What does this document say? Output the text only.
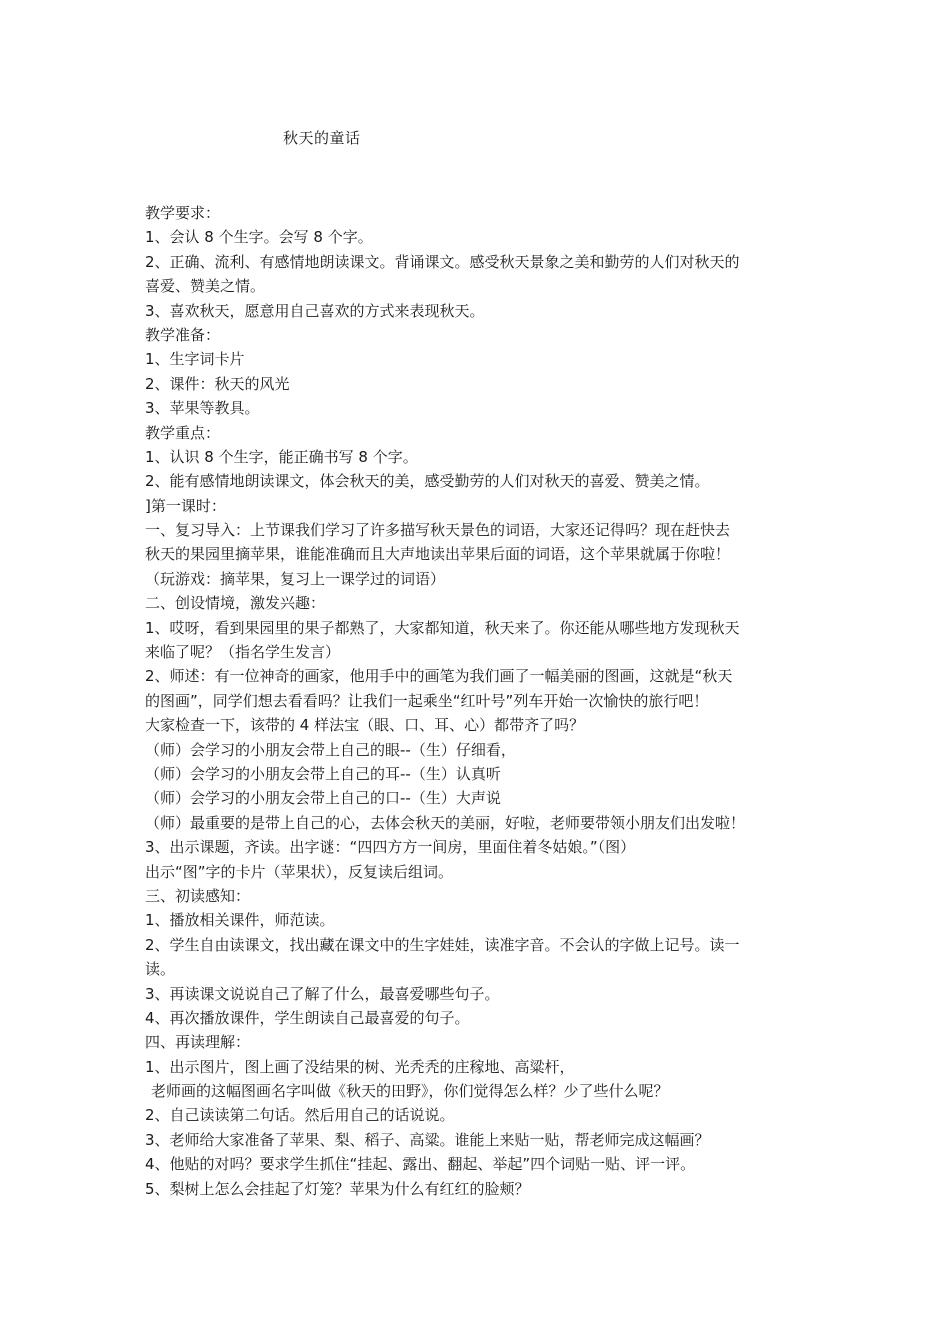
秋天的童话
教学要求：
1、会认 8 个生字。会写 8 个字。
2、正确、流利、有感情地朗读课文。背诵课文。感受秋天景象之美和勤劳的人们对秋天的
喜爱、赞美之情。
3、喜欢秋天，愿意用自己喜欢的方式来表现秋天。
教学准备：
1、生字词卡片
2、课件：秋天的风光
3、苹果等教具。
教学重点：
1、认识 8 个生字，能正确书写 8 个字。
2、能有感情地朗读课文，体会秋天的美，感受勤劳的人们对秋天的喜爱、赞美之情。
]第一课时：
一、复习导入：上节课我们学习了许多描写秋天景色的词语，大家还记得吗？现在赶快去
秋天的果园里摘苹果，谁能准确而且大声地读出苹果后面的词语，这个苹果就属于你啦！
（玩游戏：摘苹果，复习上一课学过的词语）
二、创设情境，激发兴趣：
1、哎呀，看到果园里的果子都熟了，大家都知道，秋天来了。你还能从哪些地方发现秋天
来临了呢？（指名学生发言）
2、师述：有一位神奇的画家，他用手中的画笔为我们画了一幅美丽的图画，这就是“秋天
的图画”，同学们想去看看吗？让我们一起乘坐“红叶号”列车开始一次愉快的旅行吧！
大家检查一下，该带的 4 样法宝（眼、口、耳、心）都带齐了吗？
（师）会学习的小朋友会带上自己的眼--（生）仔细看，
（师）会学习的小朋友会带上自己的耳--（生）认真听
（师）会学习的小朋友会带上自己的口--（生）大声说
（师）最重要的是带上自己的心，去体会秋天的美丽，好啦，老师要带领小朋友们出发啦！
3、出示课题，齐读。出字谜：“四四方方一间房，里面住着冬姑娘。”（图）
出示“图”字的卡片（苹果状），反复读后组词。
三、初读感知：
1、播放相关课件，师范读。
2、学生自由读课文，找出藏在课文中的生字娃娃，读准字音。不会认的字做上记号。读一
读。
3、再读课文说说自己了解了什么，最喜爱哪些句子。
4、再次播放课件，学生朗读自己最喜爱的句子。
四、再读理解：
1、出示图片，图上画了没结果的树、光秃秃的庄稼地、高粱杆，
老师画的这幅图画名字叫做《秋天的田野》，你们觉得怎么样？少了些什么呢？
2、自己读读第二句话。然后用自己的话说说。
3、老师给大家准备了苹果、梨、稻子、高粱。谁能上来贴一贴，帮老师完成这幅画？
4、他贴的对吗？要求学生抓住“挂起、露出、翻起、举起”四个词贴一贴、评一评。
5、梨树上怎么会挂起了灯笼？苹果为什么有红红的脸颊？
